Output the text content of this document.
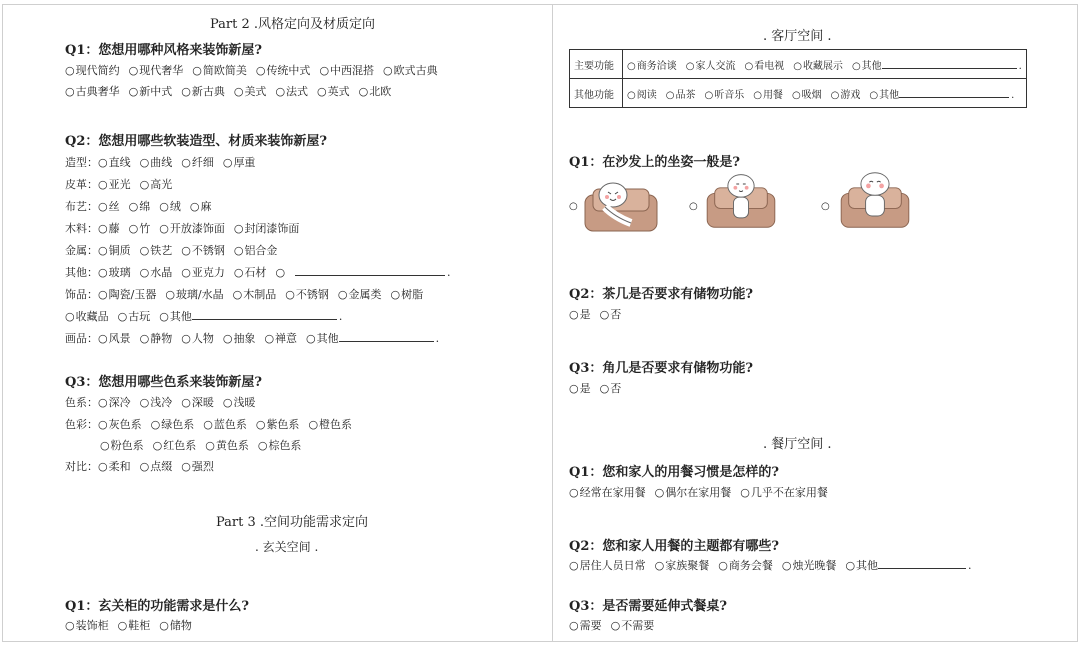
Part 2 .风格定向及材质定向
Q1：您想用哪种风格来装饰新屋?
○ 现代简约 ○ 现代奢华 ○ 简欧简美 ○ 传统中式 ○ 中西混搭 ○ 欧式古典
○ 古典奢华 ○ 新中式 ○ 新古典 ○ 美式 ○ 法式 ○ 英式 ○ 北欧
Q2：您想用哪些软装造型、材质来装饰新屋?
造型： ○ 直线 ○ 曲线 ○ 纤细 ○ 厚重
皮革： ○ 亚光 ○ 高光
布艺： ○ 丝 ○ 绵 ○ 绒 ○ 麻
木料： ○ 藤 ○ 竹 ○ 开放漆饰面 ○ 封闭漆饰面
金属： ○ 铜质 ○ 铁艺 ○ 不锈钢 ○ 铝合金
其他： ○ 玻璃 ○ 水晶 ○ 亚克力 ○ 石材 ○	.
饰品： ○ 陶瓷/玉器 ○ 玻璃/水晶 ○ 木制品 ○ 不锈钢 ○ 金属类 ○ 树脂
○ 收藏品 ○ 古玩 ○ 其他	.
画品： ○ 风景 ○ 静物 ○ 人物 ○ 抽象 ○ 禅意 ○ 其他	.
Q3：您想用哪些色系来装饰新屋?
色系： ○ 深冷 ○ 浅冷 ○ 深暖 ○ 浅暖
色彩： ○ 灰色系 ○ 绿色系 ○ 蓝色系 ○ 紫色系 ○ 橙色系
○ 粉色系 ○ 红色系 ○ 黄色系 ○ 棕色系
对比： ○ 柔和 ○ 点缀 ○ 强烈
Part 3 .空间功能需求定向
. 玄关空间 .
Q1：玄关柜的功能需求是什么?
○ 装饰柜 ○ 鞋柜 ○ 储物
. 客厅空间 .
主要功能	○ 商务洽谈 ○ 家人交流 ○ 看电视 ○ 收藏展示 ○ 其他 .
其他功能	○ 阅读 ○ 品茶 ○ 听音乐 ○ 用餐 ○ 吸烟 ○ 游戏 ○ 其他 .
Q1：在沙发上的坐姿一般是?
○	○	○
Q2：茶几是否要求有储物功能?
○ 是 ○ 否
Q3：角几是否要求有储物功能?
○ 是 ○ 否
. 餐厅空间 .
Q1：您和家人的用餐习惯是怎样的?
○ 经常在家用餐 ○ 偶尔在家用餐 ○ 几乎不在家用餐
Q2：您和家人用餐的主题都有哪些?
○ 居住人员日常 ○ 家族聚餐 ○ 商务会餐 ○ 烛光晚餐 ○ 其他	.
Q3：是否需要延伸式餐桌?
○ 需要 ○ 不需要
